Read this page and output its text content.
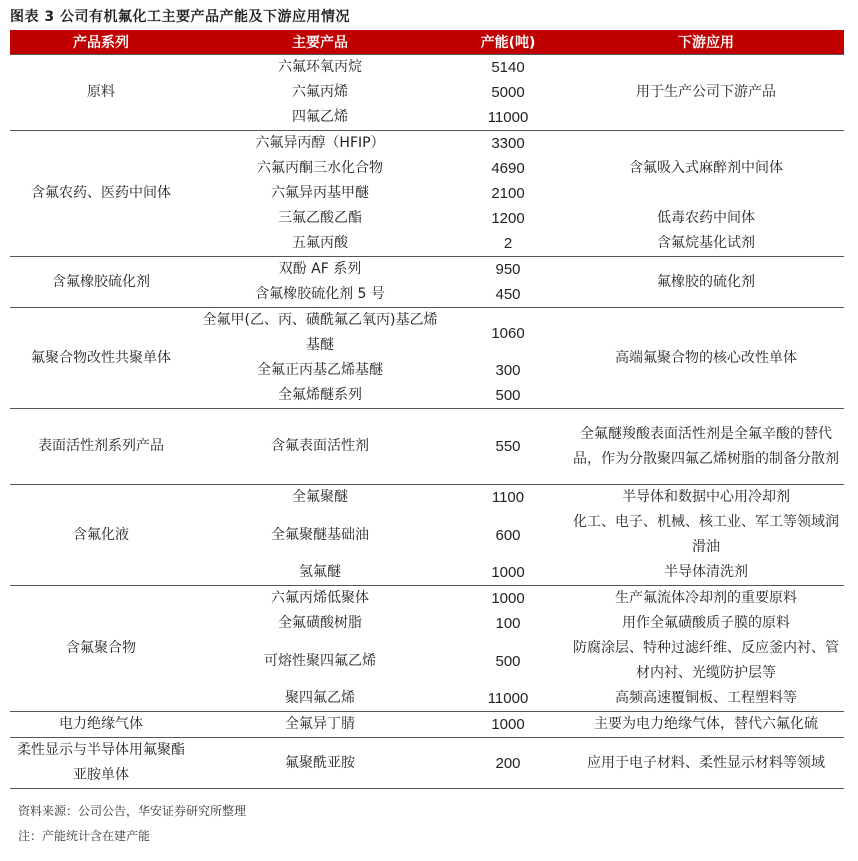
图表 3 公司有机氟化工主要产品产能及下游应用情况
产品系列	主要产品	产能(吨)	下游应用
原料	六氟环氧丙烷	5140	用于生产公司下游产品
	六氟丙烯	5000	
	四氟乙烯	11000	
含氟农药、医药中间体	六氟异丙醇（HFIP）	3300	含氟吸入式麻醉剂中间体
	六氟丙酮三水化合物	4690	
	六氟异丙基甲醚	2100	
	三氟乙酸乙酯	1200	低毒农药中间体
	五氟丙酸	2	含氟烷基化试剂
含氟橡胶硫化剂	双酚 AF 系列	950	氟橡胶的硫化剂
	含氟橡胶硫化剂 5 号	450	
氟聚合物改性共聚单体	全氟甲(乙、丙、磺酰氟乙氧丙)基乙烯基醚	1060	高端氟聚合物的核心改性单体
	全氟正丙基乙烯基醚	300	
	全氟烯醚系列	500	
表面活性剂系列产品	含氟表面活性剂	550	全氟醚羧酸表面活性剂是全氟辛酸的替代品，作为分散聚四氟乙烯树脂的制备分散剂
含氟化液	全氟聚醚	1100	半导体和数据中心用冷却剂
	全氟聚醚基础油	600	化工、电子、机械、核工业、军工等领域润滑油
	氢氟醚	1000	半导体清洗剂
含氟聚合物	六氟丙烯低聚体	1000	生产氟流体冷却剂的重要原料
	全氟磺酸树脂	100	用作全氟磺酸质子膜的原料
	可熔性聚四氟乙烯	500	防腐涂层、特种过滤纤维、反应釜内衬、管材内衬、光缆防护层等
	聚四氟乙烯	11000	高频高速覆铜板、工程塑料等
电力绝缘气体	全氟异丁腈	1000	主要为电力绝缘气体，替代六氟化硫
柔性显示与半导体用氟聚酯亚胺单体	氟聚酰亚胺	200	应用于电子材料、柔性显示材料等领域
资料来源：公司公告，华安证券研究所整理
注：产能统计含在建产能
